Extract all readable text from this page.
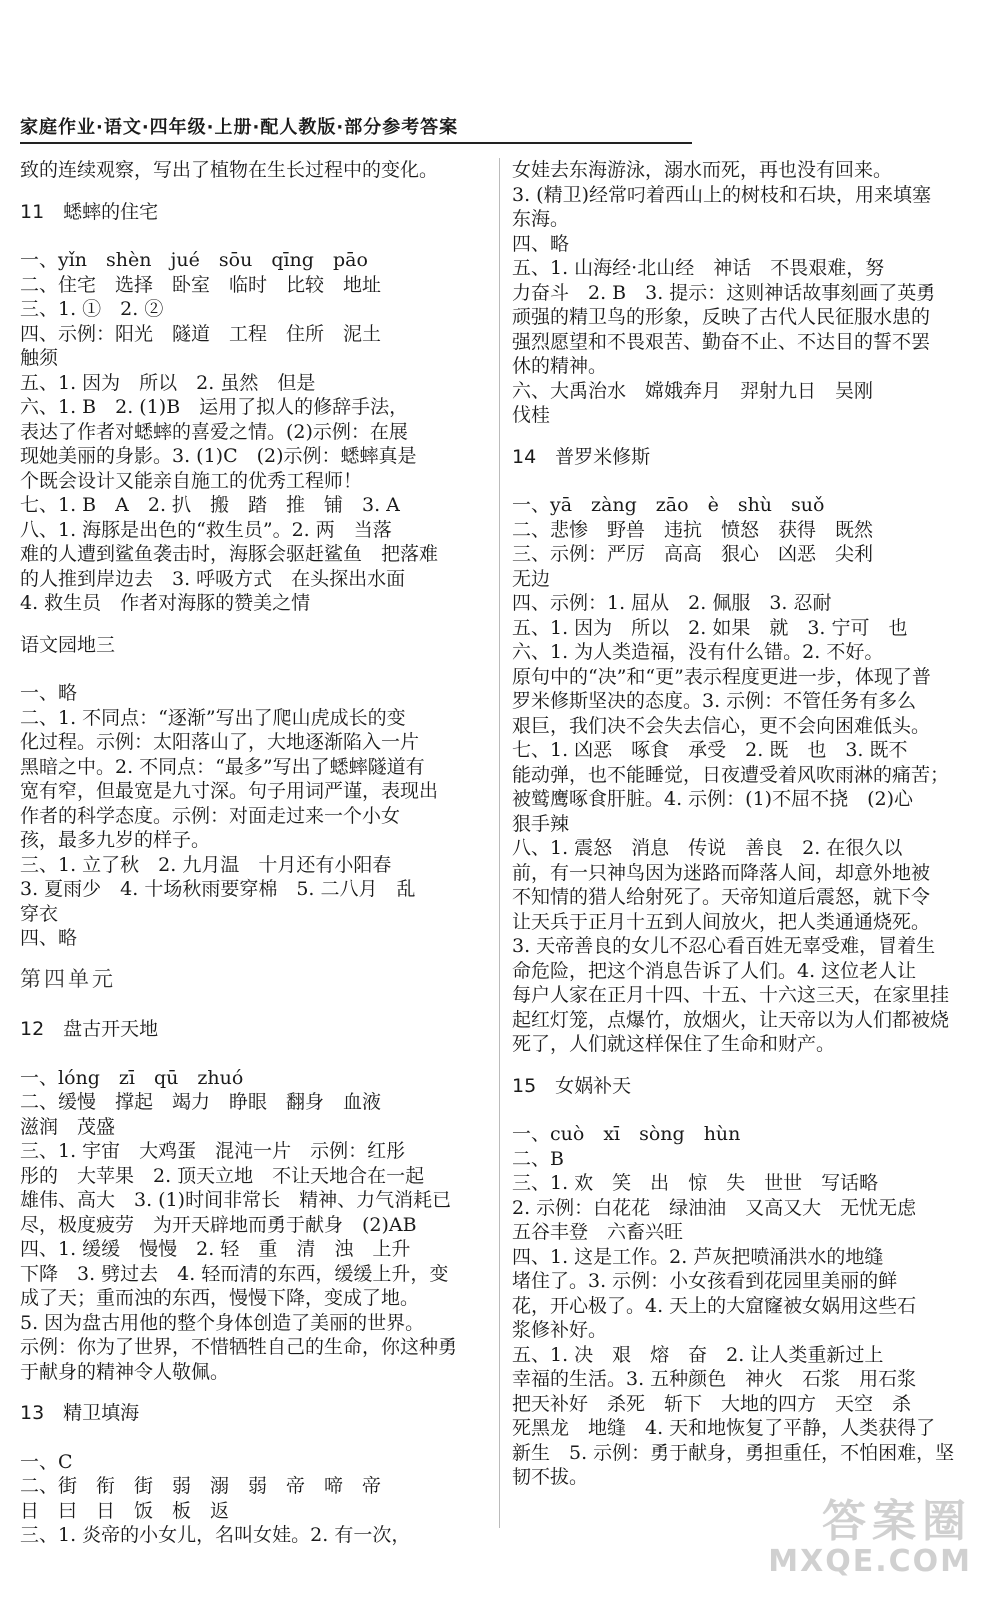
家庭作业·语文·四年级·上册·配人教版·部分参考答案

致的连续观察，写出了植物在生长过程中的变化。

11　蟋蟀的住宅

一、yǐn　shèn　jué　sōu　qīng　pāo

二、住宅　选择　卧室　临时　比较　地址

三、1. ①　2. ②

四、示例：阳光　隧道　工程　住所　泥土

触须

五、1. 因为　所以　2. 虽然　但是

六、1. B　2. (1)B　运用了拟人的修辞手法，

表达了作者对蟋蟀的喜爱之情。(2)示例：在展

现她美丽的身影。3. (1)C　(2)示例：蟋蟀真是

个既会设计又能亲自施工的优秀工程师！

七、1. B　A　2. 扒　搬　踏　推　铺　3. A

八、1. 海豚是出色的“救生员”。2. 两　当落

难的人遭到鲨鱼袭击时，海豚会驱赶鲨鱼　把落难

的人推到岸边去　3. 呼吸方式　在头探出水面

4. 救生员　作者对海豚的赞美之情

语文园地三

一、略

二、1. 不同点：“逐渐”写出了爬山虎成长的变

化过程。示例：太阳落山了，大地逐渐陷入一片

黑暗之中。2. 不同点：“最多”写出了蟋蟀隧道有

宽有窄，但最宽是九寸深。句子用词严谨，表现出

作者的科学态度。示例：对面走过来一个小女

孩，最多九岁的样子。

三、1. 立了秋　2. 九月温　十月还有小阳春

3. 夏雨少　4. 十场秋雨要穿棉　5. 二八月　乱

穿衣

四、略

第四单元

12　盘古开天地

一、lóng　zī　qū　zhuó

二、缓慢　撑起　竭力　睁眼　翻身　血液

滋润　茂盛

三、1. 宇宙　大鸡蛋　混沌一片　示例：红彤

彤的　大苹果　2. 顶天立地　不让天地合在一起

雄伟、高大　3. (1)时间非常长　精神、力气消耗已

尽，极度疲劳　为开天辟地而勇于献身　(2)AB

四、1. 缓缓　慢慢　2. 轻　重　清　浊　上升

下降　3. 劈过去　4. 轻而清的东西，缓缓上升，变

成了天；重而浊的东西，慢慢下降，变成了地。

5. 因为盘古用他的整个身体创造了美丽的世界。

示例：你为了世界，不惜牺牲自己的生命，你这种勇

于献身的精神令人敬佩。

13　精卫填海

一、C

二、街　衔　街　弱　溺　弱　帝　啼　帝

日　曰　日　饭　板　返

三、1. 炎帝的小女儿，名叫女娃。2. 有一次，

女娃去东海游泳，溺水而死，再也没有回来。

3. (精卫)经常叼着西山上的树枝和石块，用来填塞

东海。

四、略

五、1. 山海经·北山经　神话　不畏艰难，努

力奋斗　2. B　3. 提示：这则神话故事刻画了英勇

顽强的精卫鸟的形象，反映了古代人民征服水患的

强烈愿望和不畏艰苦、勤奋不止、不达目的誓不罢

休的精神。

六、大禹治水　嫦娥奔月　羿射九日　吴刚

伐桂

14　普罗米修斯

一、yā　zàng　zāo　è　shù　suǒ

二、悲惨　野兽　违抗　愤怒　获得　既然

三、示例：严厉　高高　狠心　凶恶　尖利

无边

四、示例：1. 屈从　2. 佩服　3. 忍耐

五、1. 因为　所以　2. 如果　就　3. 宁可　也

六、1. 为人类造福，没有什么错。2. 不好。

原句中的“决”和“更”表示程度更进一步，体现了普

罗米修斯坚决的态度。3. 示例：不管任务有多么

艰巨，我们决不会失去信心，更不会向困难低头。

七、1. 凶恶　啄食　承受　2. 既　也　3. 既不

能动弹，也不能睡觉，日夜遭受着风吹雨淋的痛苦；

被鹫鹰啄食肝脏。4. 示例：(1)不屈不挠　(2)心

狠手辣

八、1. 震怒　消息　传说　善良　2. 在很久以

前，有一只神鸟因为迷路而降落人间，却意外地被

不知情的猎人给射死了。天帝知道后震怒，就下令

让天兵于正月十五到人间放火，把人类通通烧死。

3. 天帝善良的女儿不忍心看百姓无辜受难，冒着生

命危险，把这个消息告诉了人们。4. 这位老人让

每户人家在正月十四、十五、十六这三天，在家里挂

起红灯笼，点爆竹，放烟火，让天帝以为人们都被烧

死了，人们就这样保住了生命和财产。

15　女娲补天

一、cuò　xī　sòng　hùn

二、B

三、1. 欢　笑　出　惊　失　世世　写话略

2. 示例：白花花　绿油油　又高又大　无忧无虑

五谷丰登　六畜兴旺

四、1. 这是工作。2. 芦灰把喷涌洪水的地缝

堵住了。3. 示例：小女孩看到花园里美丽的鲜

花，开心极了。4. 天上的大窟窿被女娲用这些石

浆修补好。

五、1. 决　艰　熔　奋　2. 让人类重新过上

幸福的生活。3. 五种颜色　神火　石浆　用石浆

把天补好　杀死　斩下　大地的四方　天空　杀

死黑龙　地缝　4. 天和地恢复了平静，人类获得了

新生　5. 示例：勇于献身，勇担重任，不怕困难，坚

韧不拔。

答案圈
MXQE.COM
